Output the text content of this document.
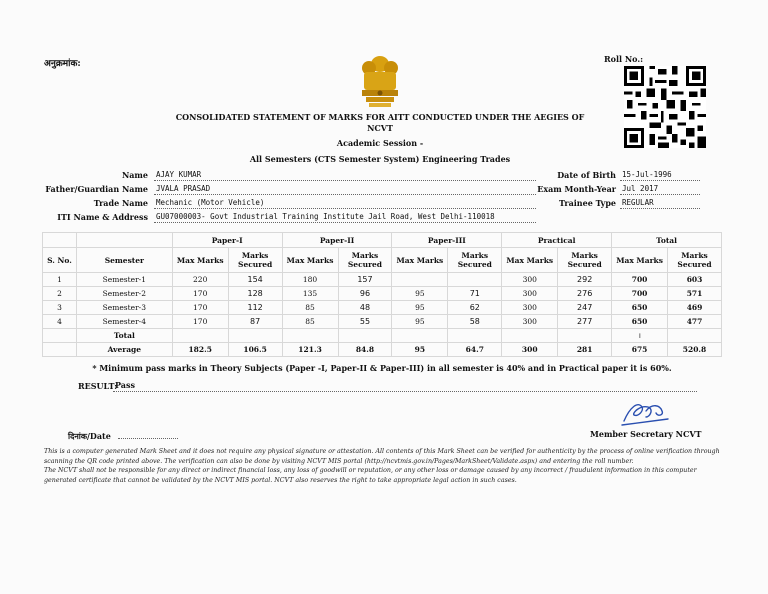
अनुक्रमांक:	Roll No.:
CONSOLIDATED STATEMENT OF MARKS FOR AITT CONDUCTED UNDER THE AEGIES OF
NCVT
Academic Session -
All Semesters (CTS Semester System) Engineering Trades
Name AJAY KUMAR
Father/Guardian Name JVALA PRASAD
Trade Name Mechanic (Motor Vehicle)
ITI Name & Address GU07000003- Govt Industrial Training Institute Jail Road, West Delhi-110018
Date of Birth 15-Jul-1996
Exam Month-Year Jul 2017
Trainee Type REGULAR
		Paper-I		Paper-II		Paper-III		Practical		Total	
S. No.	Semester	Max Marks	Marks Secured	Max Marks	Marks Secured	Max Marks	Marks Secured	Max Marks	Marks Secured	Max Marks	Marks Secured
1	Semester-1	220	154	180	157			300	292	700	603
2	Semester-2	170	128	135	96	95	71	300	276	700	571
3	Semester-3	170	112	85	48	95	62	300	247	650	469
4	Semester-4	170	87	85	55	95	58	300	277	650	477
	Total									।	
	Average	182.5	106.5	121.3	84.8	95	64.7	300	281	675	520.8
* Minimum pass marks in Theory Subjects (Paper -I, Paper-II & Paper-III) in all semester is 40% and in Practical paper it is 60%.
RESULT:
Pass
दिनांक/Date	Member Secretary NCVT
This is a computer generated Mark Sheet and it does not require any physical signature or attestation. All contents of this Mark Sheet can be verified for authenticity by the process of online verification through scanning the QR code printed above. The verification can also be done by visiting NCVT MIS portal (http://ncvtmis.gov.in/Pages/MarkSheet/Validate.aspx) and entering the roll number.
The NCVT shall not be responsible for any direct or indirect financial loss, any loss of goodwill or reputation, or any other loss or damage caused by any incorrect / fraudulent information in this computer generated certificate that cannot be validated by the NCVT MIS portal. NCVT also reserves the right to take appropriate legal action in such cases.
